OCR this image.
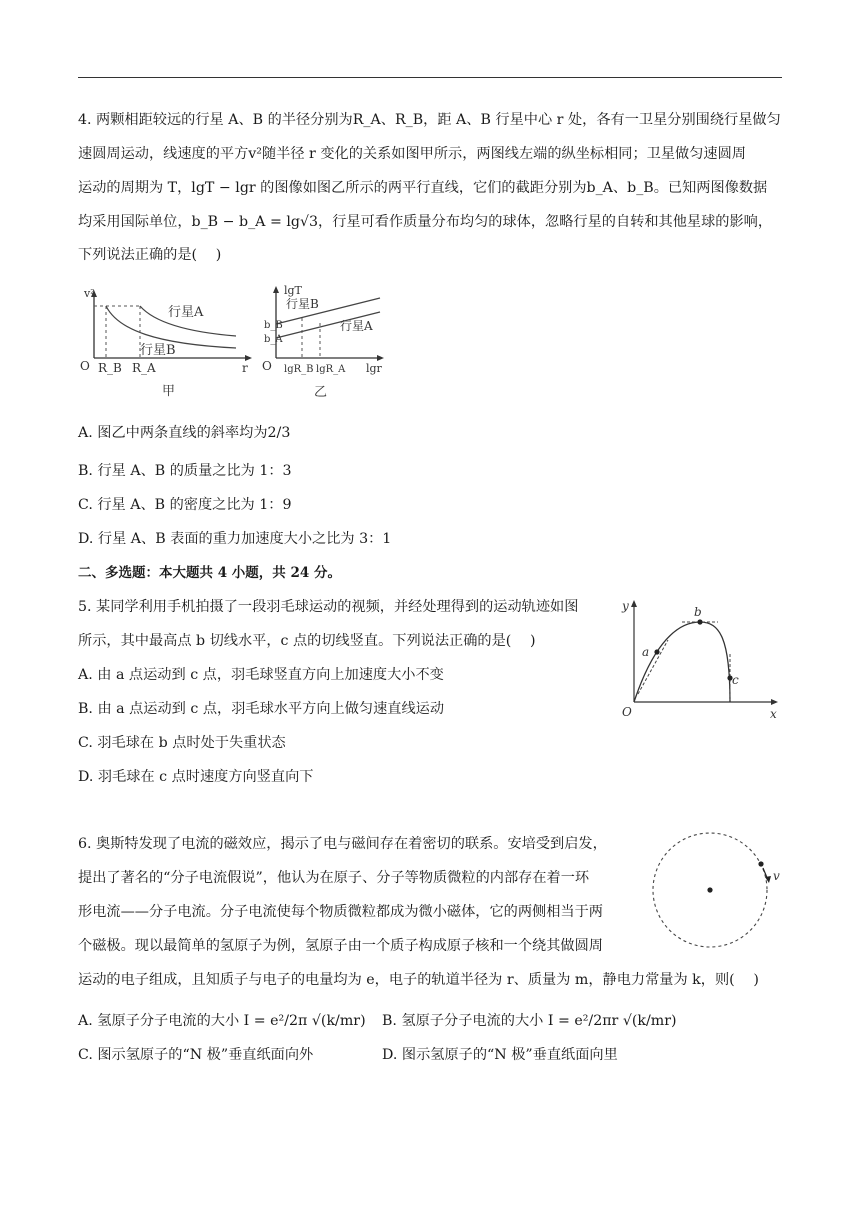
4. 两颗相距较远的行星 A、B 的半径分别为R_A、R_B，距 A、B 行星中心 r 处，各有一卫星分别围绕行星做匀
速圆周运动，线速度的平方v²随半径 r 变化的关系如图甲所示，两图线左端的纵坐标相同；卫星做匀速圆周
运动的周期为 T，lgT − lgr 的图像如图乙所示的两平行直线，它们的截距分别为b_A、b_B。已知两图像数据
均采用国际单位，b_B − b_A = lg√3，行星可看作质量分布均匀的球体，忽略行星的自转和其他星球的影响，
下列说法正确的是(　 )
v²
O	r
R_B R_A
行星A
行星B
甲
lgT
O	lgr
b_B
b_A
lgR_B lgR_A
行星B
行星A
乙
A. 图乙中两条直线的斜率均为2/3
B. 行星 A、B 的质量之比为 1：3
C. 行星 A、B 的密度之比为 1：9
D. 行星 A、B 表面的重力加速度大小之比为 3：1
二、多选题：本大题共 4 小题，共 24 分。
5. 某同学利用手机拍摄了一段羽毛球运动的视频，并经处理得到的运动轨迹如图
所示，其中最高点 b 切线水平，c 点的切线竖直。下列说法正确的是(　 )
A. 由 a 点运动到 c 点，羽毛球竖直方向上加速度大小不变
B. 由 a 点运动到 c 点，羽毛球水平方向上做匀速直线运动
C. 羽毛球在 b 点时处于失重状态
D. 羽毛球在 c 点时速度方向竖直向下
y
x
O
a
b
c
6. 奥斯特发现了电流的磁效应，揭示了电与磁间存在着密切的联系。安培受到启发，
提出了著名的“分子电流假说”，他认为在原子、分子等物质微粒的内部存在着一环
形电流——分子电流。分子电流使每个物质微粒都成为微小磁体，它的两侧相当于两
个磁极。现以最简单的氢原子为例，氢原子由一个质子构成原子核和一个绕其做圆周
运动的电子组成，且知质子与电子的电量均为 e，电子的轨道半径为 r、质量为 m，静电力常量为 k，则(　 )
v
A. 氢原子分子电流的大小 I = e²/2π √(k/mr) B. 氢原子分子电流的大小 I = e²/2πr √(k/mr)
C. 图示氢原子的“N 极”垂直纸面向外	D. 图示氢原子的“N 极”垂直纸面向里
